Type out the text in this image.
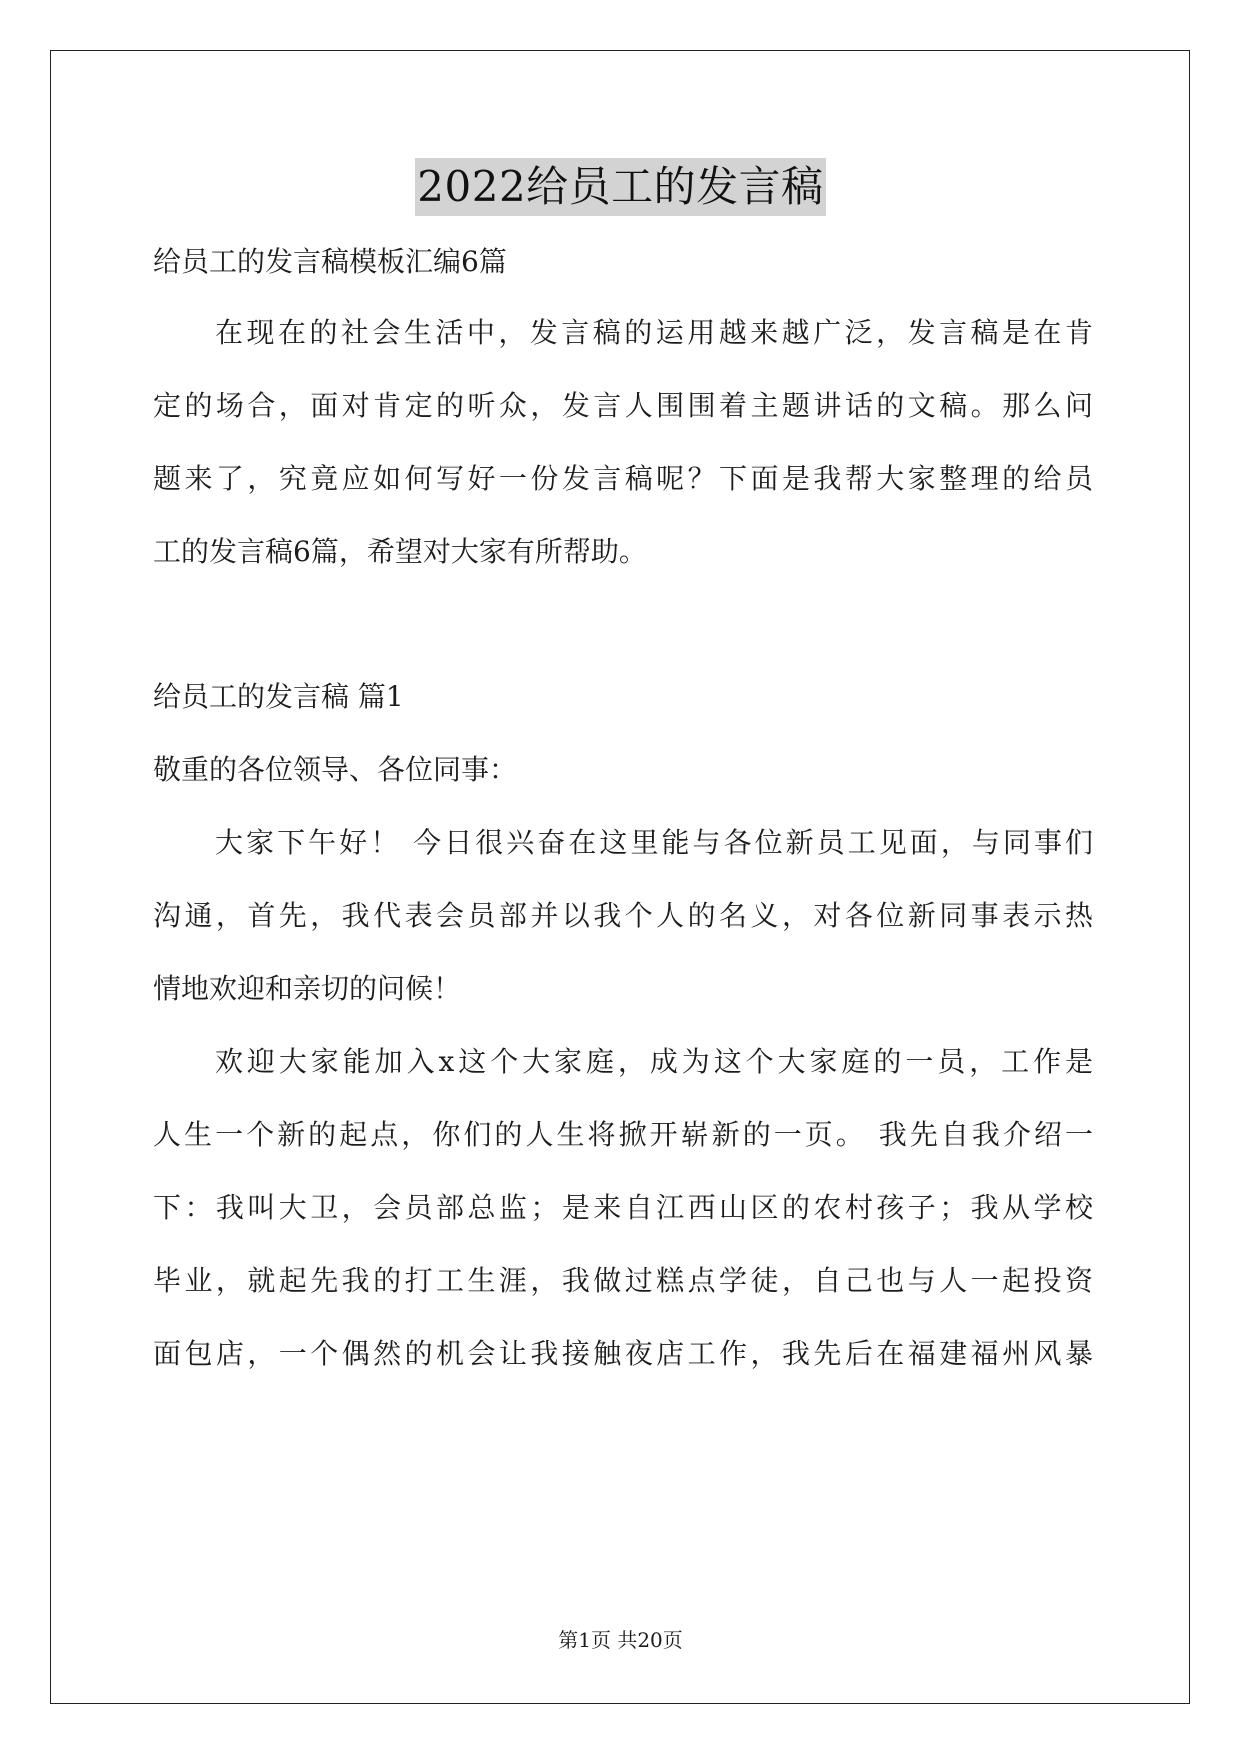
2022给员工的发言稿
给员工的发言稿模板汇编6篇
在现在的社会生活中，发言稿的运用越来越广泛，发言稿是在肯
定的场合，面对肯定的听众，发言人围围着主题讲话的文稿。那么问
题来了，究竟应如何写好一份发言稿呢？下面是我帮大家整理的给员
工的发言稿6篇，希望对大家有所帮助。
给员工的发言稿 篇1
敬重的各位领导、各位同事：
大家下午好！ 今日很兴奋在这里能与各位新员工见面，与同事们
沟通，首先，我代表会员部并以我个人的名义，对各位新同事表示热
情地欢迎和亲切的问候！
欢迎大家能加入x这个大家庭，成为这个大家庭的一员，工作是
人生一个新的起点，你们的人生将掀开崭新的一页。 我先自我介绍一
下：我叫大卫，会员部总监；是来自江西山区的农村孩子；我从学校
毕业，就起先我的打工生涯，我做过糕点学徒，自己也与人一起投资
面包店，一个偶然的机会让我接触夜店工作，我先后在福建福州风暴
第1页 共20页
